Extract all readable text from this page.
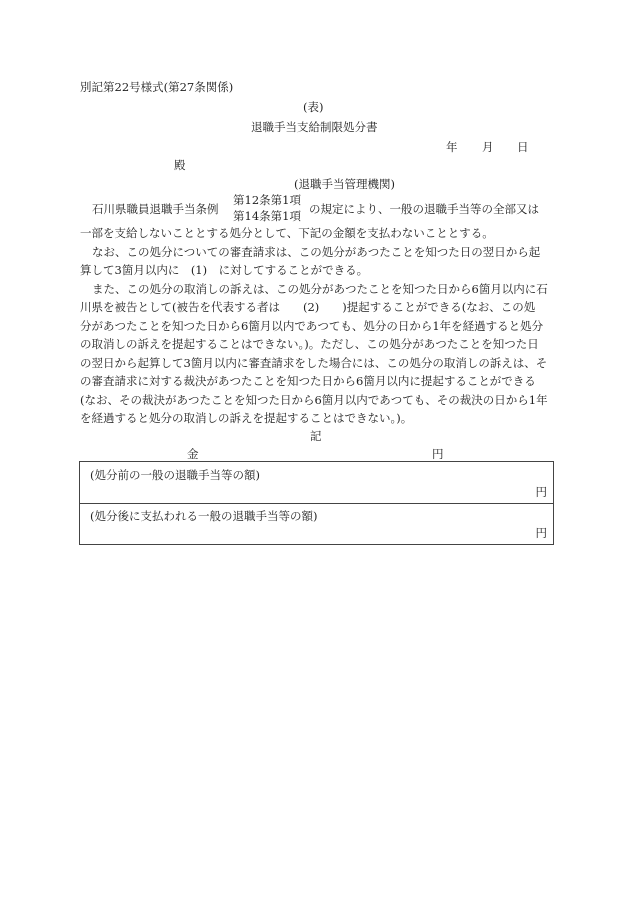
別記第22号様式(第27条関係)
(表)
退職手当支給制限処分書
年 月 日
殿
(退職手当管理機関)
石川県職員退職手当条例
第12条第1項
第14条第1項 の規定により、一般の退職手当等の全部又は
一部を支給しないこととする処分として、下記の金額を支払わないこととする。
なお、この処分についての審査請求は、この処分があつたことを知つた日の翌日から起
算して3箇月以内に　(1)　に対してすることができる。
また、この処分の取消しの訴えは、この処分があつたことを知つた日から6箇月以内に石
川県を被告として(被告を代表する者は　　(2)　　)提起することができる(なお、この処
分があつたことを知つた日から6箇月以内であつても、処分の日から1年を経過すると処分
の取消しの訴えを提起することはできない。)。ただし、この処分があつたことを知つた日
の翌日から起算して3箇月以内に審査請求をした場合には、この処分の取消しの訴えは、そ
の審査請求に対する裁決があつたことを知つた日から6箇月以内に提起することができる
(なお、その裁決があつたことを知つた日から6箇月以内であつても、その裁決の日から1年
を経過すると処分の取消しの訴えを提起することはできない。)。
記
金	円
(処分前の一般の退職手当等の額)
円
(処分後に支払われる一般の退職手当等の額)
円
